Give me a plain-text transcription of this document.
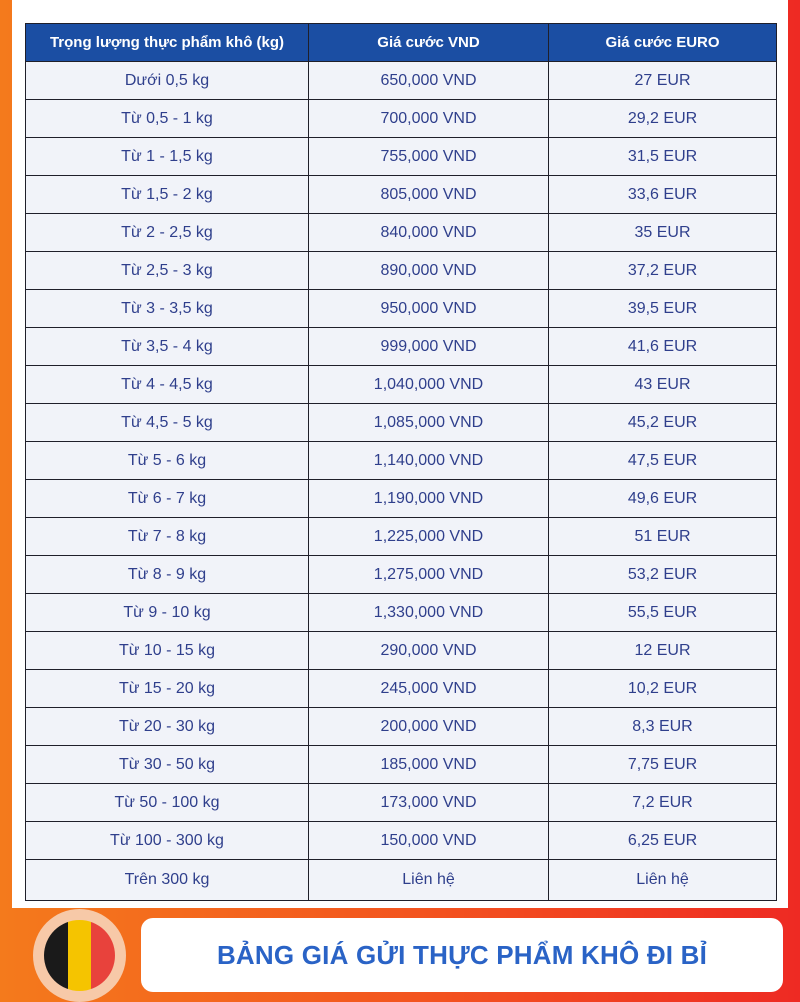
Trọng lượng thực phẩm khô (kg)	Giá cước VND	Giá cước EURO
Dưới 0,5 kg	650,000 VND	27 EUR
Từ 0,5 - 1 kg	700,000 VND	29,2 EUR
Từ 1 - 1,5 kg	755,000 VND	31,5 EUR
Từ 1,5 - 2 kg	805,000 VND	33,6 EUR
Từ 2 - 2,5 kg	840,000 VND	35 EUR
Từ 2,5 - 3 kg	890,000 VND	37,2 EUR
Từ 3 - 3,5 kg	950,000 VND	39,5 EUR
Từ 3,5 - 4 kg	999,000 VND	41,6 EUR
Từ 4 - 4,5 kg	1,040,000 VND	43 EUR
Từ 4,5 - 5 kg	1,085,000 VND	45,2 EUR
Từ 5 - 6 kg	1,140,000 VND	47,5 EUR
Từ 6 - 7 kg	1,190,000 VND	49,6 EUR
Từ 7 - 8 kg	1,225,000 VND	51 EUR
Từ 8 - 9 kg	1,275,000 VND	53,2 EUR
Từ 9 - 10 kg	1,330,000 VND	55,5 EUR
Từ 10 - 15 kg	290,000 VND	12 EUR
Từ 15 - 20 kg	245,000 VND	10,2 EUR
Từ 20 - 30 kg	200,000 VND	8,3 EUR
Từ 30 - 50 kg	185,000 VND	7,75 EUR
Từ 50 - 100 kg	173,000 VND	7,2 EUR
Từ 100 - 300 kg	150,000 VND	6,25 EUR
Trên 300 kg	Liên hệ	Liên hệ
BẢNG GIÁ GỬI THỰC PHẨM KHÔ ĐI BỈ
